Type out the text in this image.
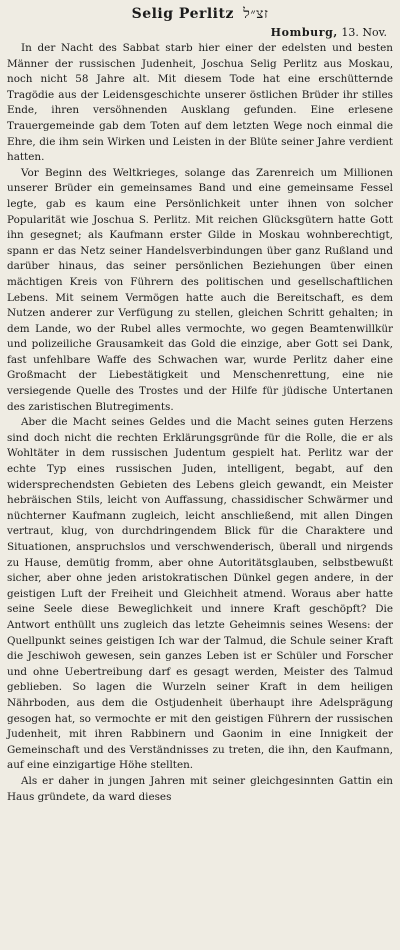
Selig Perlitz זצ״ל
Homburg, 13. Nov.

In der Nacht des Sabbat starb hier einer der edelsten und besten Männer der russischen Judenheit, Joschua Selig Perlitz aus Moskau, noch nicht 58 Jahre alt. Mit diesem Tode hat eine erschütternde Tragödie aus der Leidensgeschichte unserer östlichen Brüder ihr stilles Ende, ihren versöhnenden Ausklang gefunden. Eine erlesene Trauergemeinde gab dem Toten auf dem letzten Wege noch einmal die Ehre, die ihm sein Wirken und Leisten in der Blüte seiner Jahre verdient hatten.

Vor Beginn des Weltkrieges, solange das Zarenreich um Millionen unserer Brüder ein gemeinsames Band und eine gemeinsame Fessel legte, gab es kaum eine Persönlichkeit unter ihnen von solcher Popularität wie Joschua S. Perlitz. Mit reichen Glücksgütern hatte Gott ihn gesegnet; als Kaufmann erster Gilde in Moskau wohnberechtigt, spann er das Netz seiner Handelsverbindungen über ganz Rußland und darüber hinaus, das seiner persönlichen Beziehungen über einen mächtigen Kreis von Führern des politischen und gesellschaftlichen Lebens. Mit seinem Vermögen hatte auch die Bereitschaft, es dem Nutzen anderer zur Verfügung zu stellen, gleichen Schritt gehalten; in dem Lande, wo der Rubel alles vermochte, wo gegen Beamtenwillkür und polizeiliche Grausamkeit das Gold die einzige, aber Gott sei Dank, fast unfehlbare Waffe des Schwachen war, wurde Perlitz daher eine Großmacht der Liebestätigkeit und Menschenrettung, eine nie versiegende Quelle des Trostes und der Hilfe für jüdische Untertanen des zaristischen Blutregiments.

Aber die Macht seines Geldes und die Macht seines guten Herzens sind doch nicht die rechten Erklärungsgründe für die Rolle, die er als Wohltäter in dem russischen Judentum gespielt hat. Perlitz war der echte Typ eines russischen Juden, intelligent, begabt, auf den widersprechendsten Gebieten des Lebens gleich gewandt, ein Meister hebräischen Stils, leicht von Auffassung, chassidischer Schwärmer und nüchterner Kaufmann zugleich, leicht anschließend, mit allen Dingen vertraut, klug, von durchdringendem Blick für die Charaktere und Situationen, anspruchslos und verschwenderisch, überall und nirgends zu Hause, demütig fromm, aber ohne Autoritätsglauben, selbstbewußt sicher, aber ohne jeden aristokratischen Dünkel gegen andere, in der geistigen Luft der Freiheit und Gleichheit atmend. Woraus aber hatte seine Seele diese Beweglichkeit und innere Kraft geschöpft? Die Antwort enthüllt uns zugleich das letzte Geheimnis seines Wesens: der Quellpunkt seines geistigen Ich war der Talmud, die Schule seiner Kraft die Jeschiwoh gewesen, sein ganzes Leben ist er Schüler und Forscher und ohne Uebertreibung darf es gesagt werden, Meister des Talmud geblieben. So lagen die Wurzeln seiner Kraft in dem heiligen Nährboden, aus dem die Ostjudenheit überhaupt ihre Adelsprägung gesogen hat, so vermochte er mit den geistigen Führern der russischen Judenheit, mit ihren Rabbinern und Gaonim in eine Innigkeit der Gemeinschaft und des Verständnisses zu treten, die ihn, den Kaufmann, auf eine einzigartige Höhe stellten.

Als er daher in jungen Jahren mit seiner gleichgesinnten Gattin ein Haus gründete, da ward dieses
